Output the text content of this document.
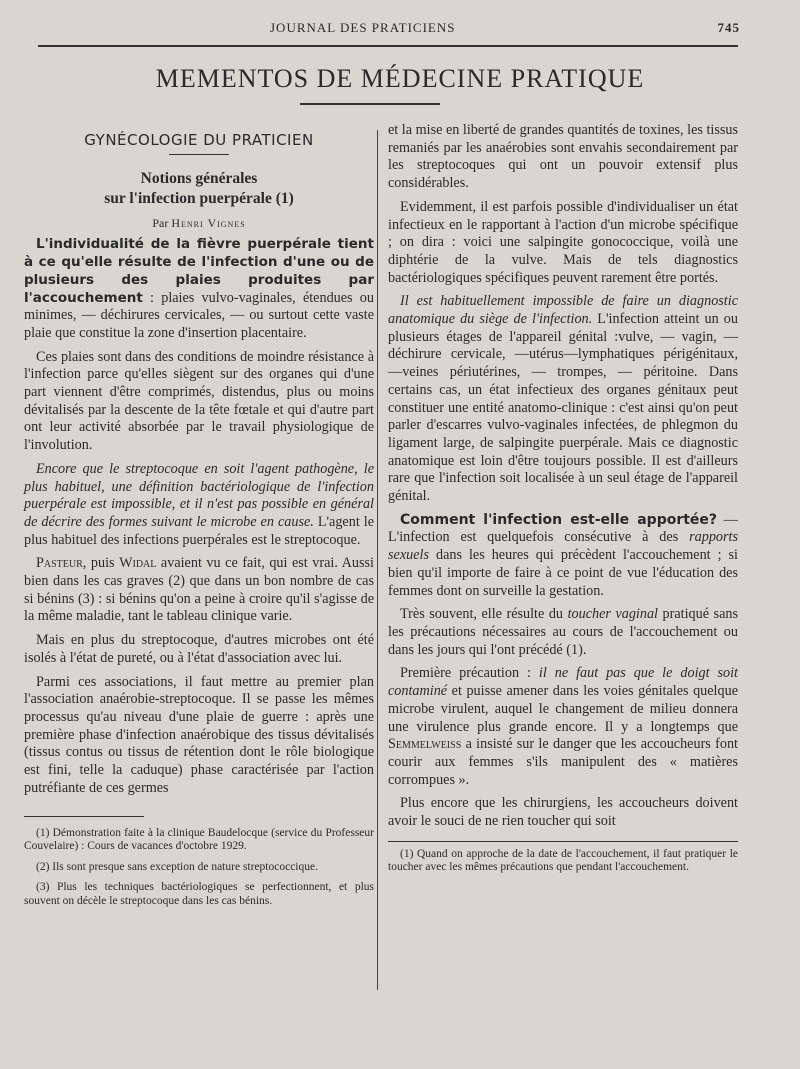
JOURNAL DES PRATICIENS	745
MEMENTOS DE MÉDECINE PRATIQUE
GYNÉCOLOGIE DU PRATICIEN
Notions générales
sur l'infection puerpérale (1)
Par Henri Vignes

L'individualité de la fièvre puerpérale tient à ce qu'elle résulte de l'infection d'une ou de plusieurs des plaies produites par l'accouchement : plaies vulvo-vaginales, étendues ou minimes, — déchirures cervicales, — ou surtout cette vaste plaie que constitue la zone d'insertion placentaire.

Ces plaies sont dans des conditions de moindre résistance à l'infection parce qu'elles siègent sur des organes qui d'une part viennent d'être comprimés, distendus, plus ou moins dévitalisés par la descente de la tête fœtale et qui d'autre part ont leur activité absorbée par le travail physiologique de l'involution.

Encore que le streptocoque en soit l'agent pathogène, le plus habituel, une définition bactériologique de l'infection puerpérale est impossible, et il n'est pas possible en général de décrire des formes suivant le microbe en cause. L'agent le plus habituel des infections puerpérales est le streptocoque.

Pasteur, puis Widal avaient vu ce fait, qui est vrai. Aussi bien dans les cas graves (2) que dans un bon nombre de cas si bénins (3) : si bénins qu'on a peine à croire qu'il s'agisse de la même maladie, tant le tableau clinique varie.

Mais en plus du streptocoque, d'autres microbes ont été isolés à l'état de pureté, ou à l'état d'association avec lui.

Parmi ces associations, il faut mettre au premier plan l'association anaérobie-streptocoque. Il se passe les mêmes processus qu'au niveau d'une plaie de guerre : après une première phase d'infection anaérobique des tissus dévitalisés (tissus contus ou tissus de rétention dont le rôle biologique est fini, telle la caduque) phase caractérisée par l'action putréfiante de ces germes

(1) Démonstration faite à la clinique Baudelocque (service du Professeur Couvelaire) : Cours de vacances d'octobre 1929.

(2) Ils sont presque sans exception de nature streptococcique.

(3) Plus les techniques bactériologiques se perfectionnent, et plus souvent on décèle le streptocoque dans les cas bénins.

et la mise en liberté de grandes quantités de toxines, les tissus remaniés par les anaérobies sont envahis secondairement par les streptocoques qui ont un pouvoir extensif plus considérables.

Evidemment, il est parfois possible d'individualiser un état infectieux en le rapportant à l'action d'un microbe spécifique ; on dira : voici une salpingite gonococcique, voilà une diphtérie de la vulve. Mais de tels diagnostics bactériologiques spécifiques peuvent rarement être portés.

Il est habituellement impossible de faire un diagnostic anatomique du siège de l'infection. L'infection atteint un ou plusieurs étages de l'appareil génital :vulve, — vagin, — déchirure cervicale, —utérus—lymphatiques périgénitaux, —veines périutérines, — trompes, — péritoine. Dans certains cas, un état infectieux des organes génitaux peut constituer une entité anatomo-clinique : c'est ainsi qu'on peut parler d'escarres vulvo-vaginales infectées, de phlegmon du ligament large, de salpingite puerpérale. Mais ce diagnostic anatomique est loin d'être toujours possible. Il est d'ailleurs rare que l'infection soit localisée à un seul étage de l'appareil génital.

Comment l'infection est-elle apportée? — L'infection est quelquefois consécutive à des rapports sexuels dans les heures qui précèdent l'accouchement ; si bien qu'il importe de faire à ce point de vue l'éducation des femmes dont on surveille la gestation.

Très souvent, elle résulte du toucher vaginal pratiqué sans les précautions nécessaires au cours de l'accouchement ou dans les jours qui l'ont précédé (1).

Première précaution : il ne faut pas que le doigt soit contaminé et puisse amener dans les voies génitales quelque microbe virulent, auquel le changement de milieu donnera une virulence plus grande encore. Il y a longtemps que Semmelweiss a insisté sur le danger que les accoucheurs font courir aux femmes s'ils manipulent des « matières corrompues ».

Plus encore que les chirurgiens, les accoucheurs doivent avoir le souci de ne rien toucher qui soit

(1) Quand on approche de la date de l'accouchement, il faut pratiquer le toucher avec les mêmes précautions que pendant l'accouchement.
